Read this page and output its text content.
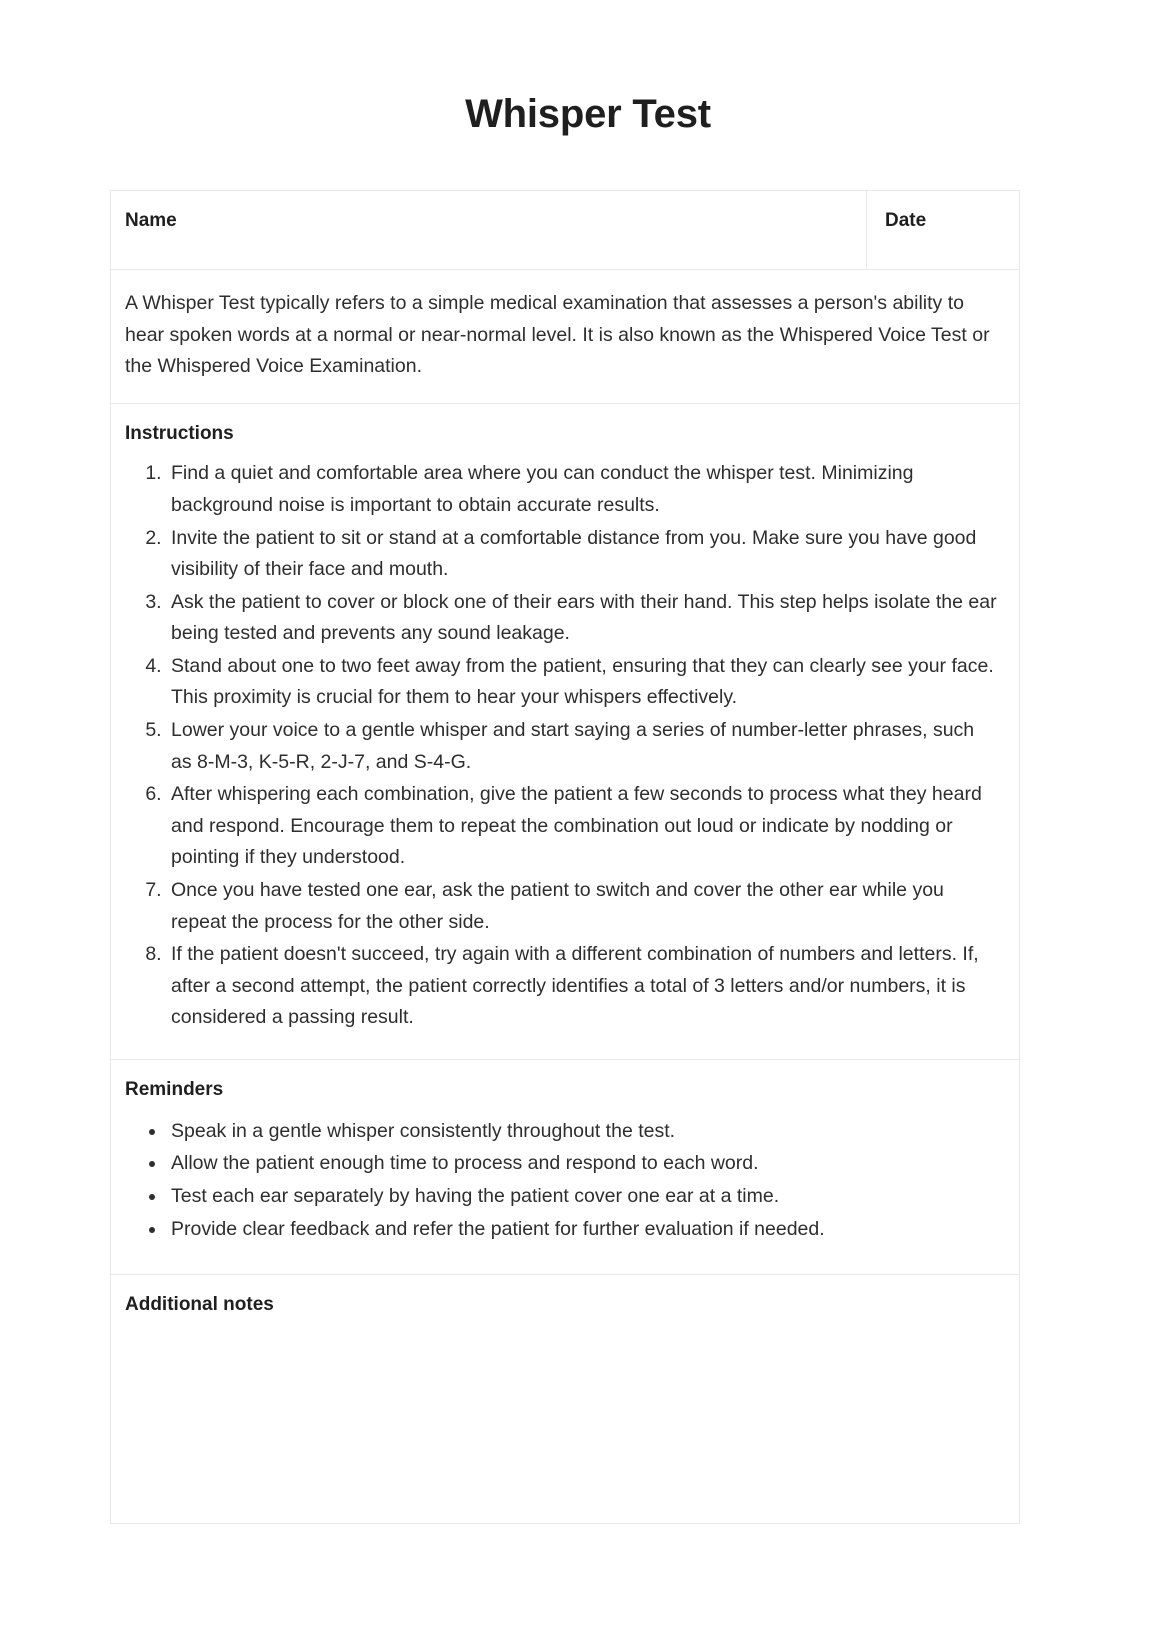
Whisper Test
Name	Date

A Whisper Test typically refers to a simple medical examination that assesses a person's ability to hear spoken words at a normal or near-normal level. It is also known as the Whispered Voice Test or the Whispered Voice Examination.

Instructions
1. Find a quiet and comfortable area where you can conduct the whisper test. Minimizing background noise is important to obtain accurate results.
2. Invite the patient to sit or stand at a comfortable distance from you. Make sure you have good visibility of their face and mouth.
3. Ask the patient to cover or block one of their ears with their hand. This step helps isolate the ear being tested and prevents any sound leakage.
4. Stand about one to two feet away from the patient, ensuring that they can clearly see your face. This proximity is crucial for them to hear your whispers effectively.
5. Lower your voice to a gentle whisper and start saying a series of number-letter phrases, such as 8-M-3, K-5-R, 2-J-7, and S-4-G.
6. After whispering each combination, give the patient a few seconds to process what they heard and respond. Encourage them to repeat the combination out loud or indicate by nodding or pointing if they understood.
7. Once you have tested one ear, ask the patient to switch and cover the other ear while you repeat the process for the other side.
8. If the patient doesn't succeed, try again with a different combination of numbers and letters. If, after a second attempt, the patient correctly identifies a total of 3 letters and/or numbers, it is considered a passing result.
Reminders
• Speak in a gentle whisper consistently throughout the test.
• Allow the patient enough time to process and respond to each word.
• Test each ear separately by having the patient cover one ear at a time.
• Provide clear feedback and refer the patient for further evaluation if needed.
Additional notes
